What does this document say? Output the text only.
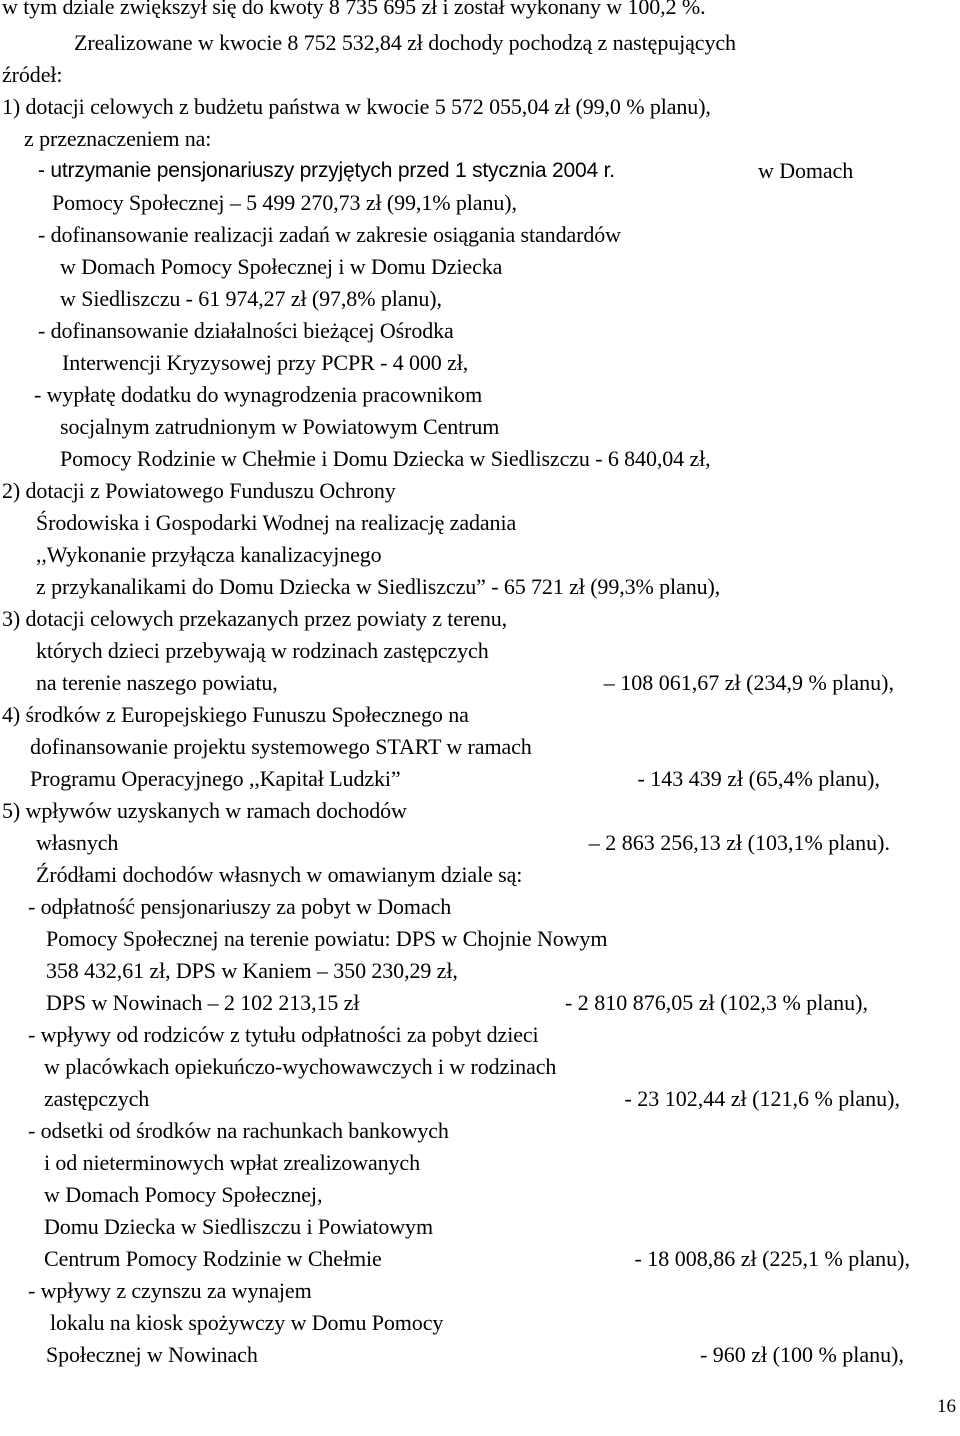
w tym dziale zwiększył się do kwoty 8 735 695 zł i został wykonany w 100,2 %.
Zrealizowane w kwocie 8 752 532,84 zł dochody pochodzą z następujących
źródeł:
1) dotacji celowych z budżetu państwa w kwocie 5 572 055,04 zł (99,0 % planu),
z przeznaczeniem na:
- utrzymanie pensjonariuszy przyjętych przed 1 stycznia 2004 r.	w Domach
Pomocy Społecznej – 5 499 270,73 zł (99,1% planu),
- dofinansowanie realizacji zadań w zakresie osiągania standardów
w Domach Pomocy Społecznej i w Domu Dziecka
w Siedliszczu - 61 974,27 zł (97,8% planu),
- dofinansowanie działalności bieżącej Ośrodka
Interwencji Kryzysowej przy PCPR - 4 000 zł,
- wypłatę dodatku do wynagrodzenia pracownikom
socjalnym zatrudnionym w Powiatowym Centrum
Pomocy Rodzinie w Chełmie i Domu Dziecka w Siedliszczu - 6 840,04 zł,
2) dotacji z Powiatowego Funduszu Ochrony
Środowiska i Gospodarki Wodnej na realizację zadania
,,Wykonanie przyłącza kanalizacyjnego
z przykanalikami do Domu Dziecka w Siedliszczu” - 65 721 zł (99,3% planu),
3) dotacji celowych przekazanych przez powiaty z terenu,
których dzieci przebywają w rodzinach zastępczych
na terenie naszego powiatu,	– 108 061,67 zł (234,9 % planu),
4) środków z Europejskiego Funuszu Społecznego na
dofinansowanie projektu systemowego START w ramach
Programu Operacyjnego ,,Kapitał Ludzki”	- 143 439 zł (65,4% planu),
5) wpływów uzyskanych w ramach dochodów
własnych	– 2 863 256,13 zł (103,1% planu).
Źródłami dochodów własnych w omawianym dziale są:
- odpłatność pensjonariuszy za pobyt w Domach
Pomocy Społecznej na terenie powiatu: DPS w Chojnie Nowym
358 432,61 zł, DPS w Kaniem – 350 230,29 zł,
DPS w Nowinach – 2 102 213,15 zł	- 2 810 876,05 zł (102,3 % planu),
- wpływy od rodziców z tytułu odpłatności za pobyt dzieci
w placówkach opiekuńczo-wychowawczych i w rodzinach
zastępczych	- 23 102,44 zł (121,6 % planu),
- odsetki od środków na rachunkach bankowych
i od nieterminowych wpłat zrealizowanych
w Domach Pomocy Społecznej,
Domu Dziecka w Siedliszczu i Powiatowym
Centrum Pomocy Rodzinie w Chełmie	- 18 008,86 zł (225,1 % planu),
- wpływy z czynszu za wynajem
lokalu na kiosk spożywczy w Domu Pomocy
Społecznej w Nowinach	- 960 zł (100 % planu),
16
